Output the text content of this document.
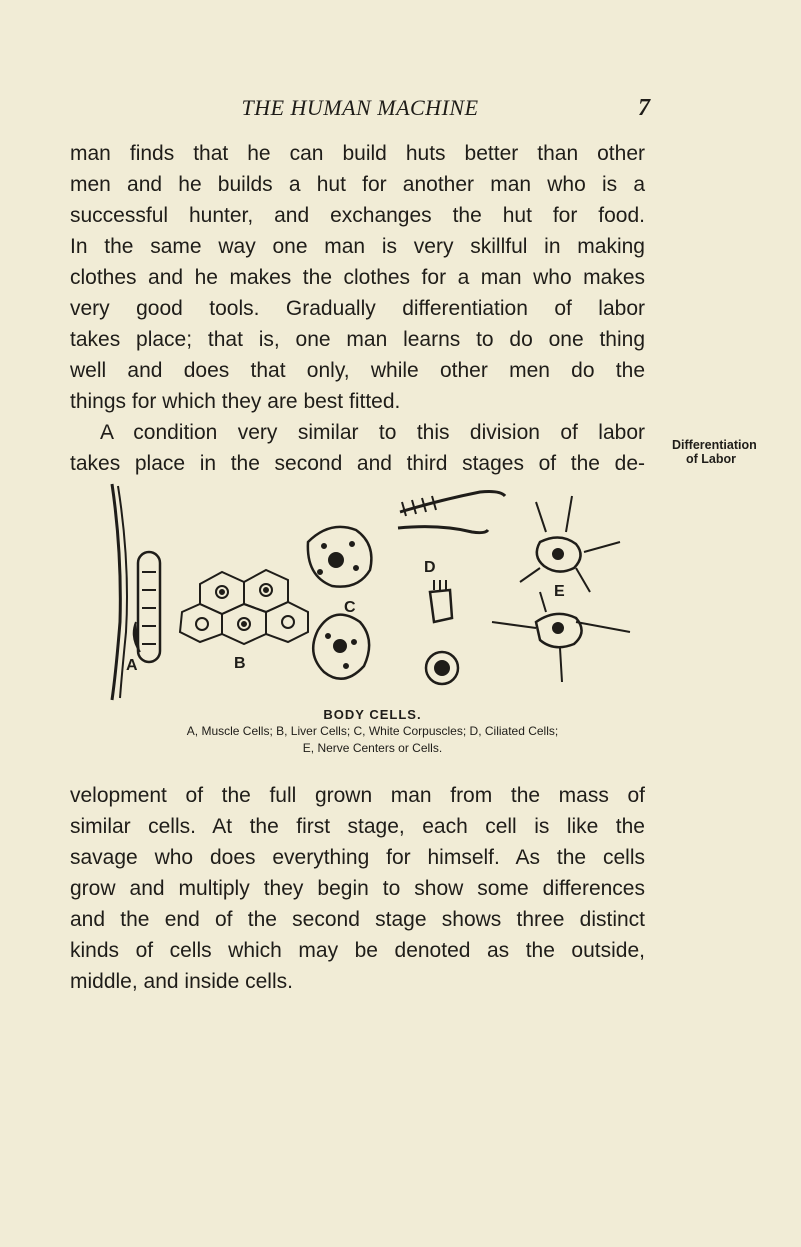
THE HUMAN MACHINE	7
man finds that he can build huts better than other
men and he builds a hut for another man who is a
successful hunter, and exchanges the hut for food.
In the same way one man is very skillful in making
clothes and he makes the clothes for a man who makes
very good tools. Gradually differentiation of labor
takes place; that is, one man learns to do one thing
well and does that only, while other men do the
things for which they are best fitted.
A condition very similar to this division of labor
takes place in the second and third stages of the de-
Differentiation
of Labor
A	B
C
D
E
BODY CELLS.
A, Muscle Cells; B, Liver Cells; C, White Corpuscles; D, Ciliated Cells;
E, Nerve Centers or Cells.
velopment of the full grown man from the mass of
similar cells. At the first stage, each cell is like the
savage who does everything for himself. As the cells
grow and multiply they begin to show some differences
and the end of the second stage shows three distinct
kinds of cells which may be denoted as the outside,
middle, and inside cells.
